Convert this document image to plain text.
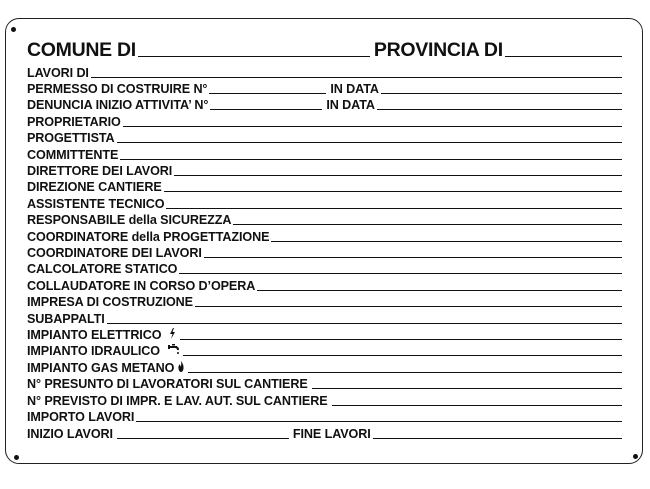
COMUNE DI	PROVINCIA DI
LAVORI DI
PERMESSO DI COSTRUIRE N°	IN DATA
DENUNCIA INIZIO ATTIVITA’ N°	IN DATA
PROPRIETARIO
PROGETTISTA
COMMITTENTE
DIRETTORE DEI LAVORI
DIREZIONE CANTIERE
ASSISTENTE TECNICO
RESPONSABILE della SICUREZZA
COORDINATORE della PROGETTAZIONE
COORDINATORE DEI LAVORI
CALCOLATORE STATICO
COLLAUDATORE IN CORSO D’OPERA
IMPRESA DI COSTRUZIONE
SUBAPPALTI
IMPIANTO ELETTRICO
IMPIANTO IDRAULICO
IMPIANTO GAS METANO
N° PRESUNTO DI LAVORATORI SUL CANTIERE
N° PREVISTO DI IMPR. E LAV. AUT. SUL CANTIERE
IMPORTO LAVORI
INIZIO LAVORI	FINE LAVORI
